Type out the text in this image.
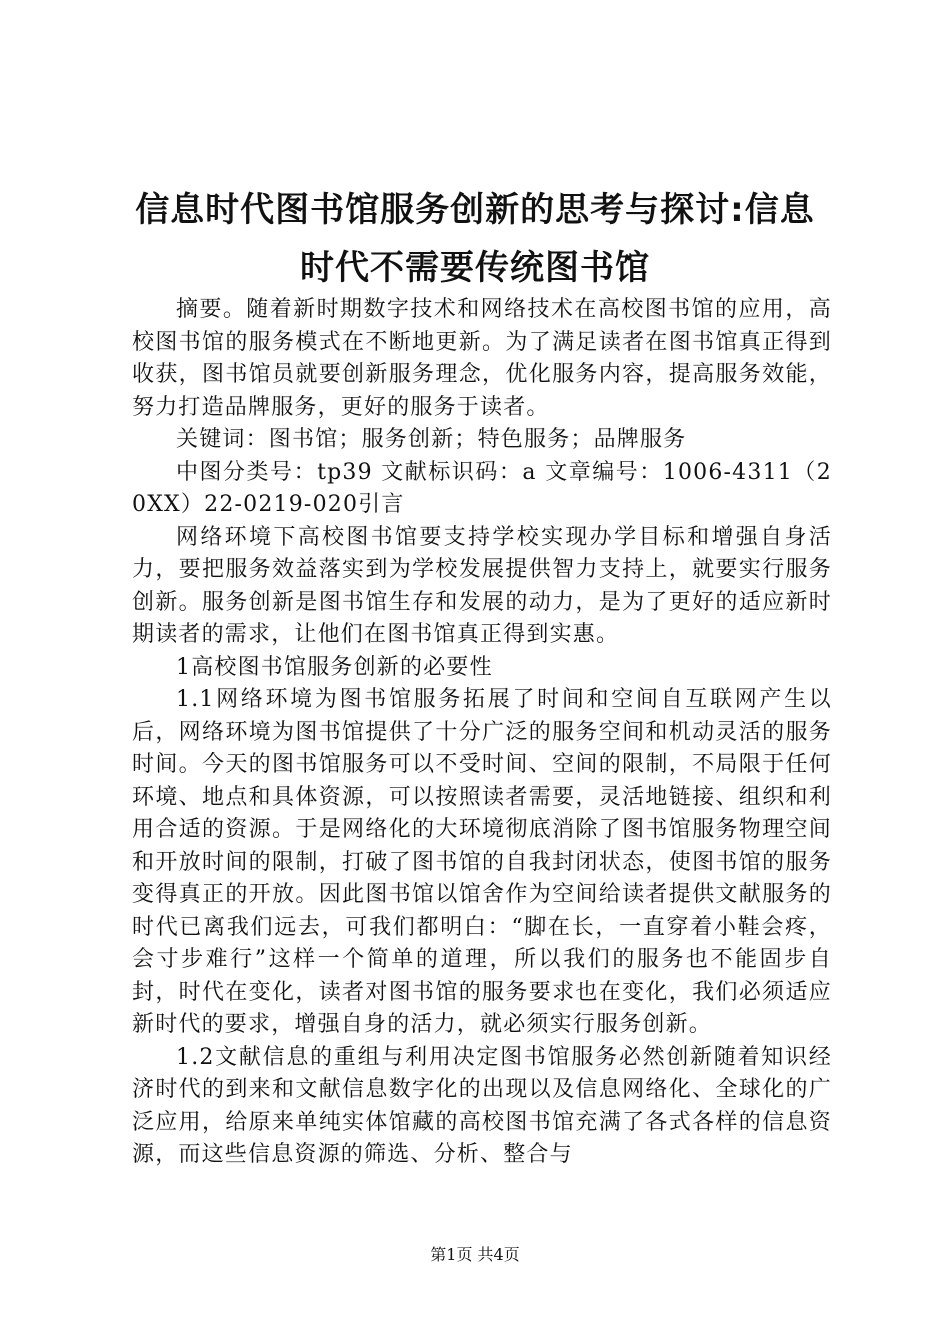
信息时代图书馆服务创新的思考与探讨:信息
时代不需要传统图书馆

摘要。随着新时期数字技术和网络技术在高校图书馆的应用，高校图书馆的服务模式在不断地更新。为了满足读者在图书馆真正得到收获，图书馆员就要创新服务理念，优化服务内容，提高服务效能，努力打造品牌服务，更好的服务于读者。

关键词：图书馆；服务创新；特色服务；品牌服务

中图分类号：tp39 文献标识码：a 文章编号：1006-4311（20XX）22-0219-020引言

网络环境下高校图书馆要支持学校实现办学目标和增强自身活力，要把服务效益落实到为学校发展提供智力支持上，就要实行服务创新。服务创新是图书馆生存和发展的动力，是为了更好的适应新时期读者的需求，让他们在图书馆真正得到实惠。

1高校图书馆服务创新的必要性

1.1网络环境为图书馆服务拓展了时间和空间自互联网产生以后，网络环境为图书馆提供了十分广泛的服务空间和机动灵活的服务时间。今天的图书馆服务可以不受时间、空间的限制，不局限于任何环境、地点和具体资源，可以按照读者需要，灵活地链接、组织和利用合适的资源。于是网络化的大环境彻底消除了图书馆服务物理空间和开放时间的限制，打破了图书馆的自我封闭状态，使图书馆的服务变得真正的开放。因此图书馆以馆舍作为空间给读者提供文献服务的时代已离我们远去，可我们都明白：“脚在长，一直穿着小鞋会疼，会寸步难行”这样一个简单的道理，所以我们的服务也不能固步自封，时代在变化，读者对图书馆的服务要求也在变化，我们必须适应新时代的要求，增强自身的活力，就必须实行服务创新。

1.2文献信息的重组与利用决定图书馆服务必然创新随着知识经济时代的到来和文献信息数字化的出现以及信息网络化、全球化的广泛应用，给原来单纯实体馆藏的高校图书馆充满了各式各样的信息资源，而这些信息资源的筛选、分析、整合与

第1页 共4页
